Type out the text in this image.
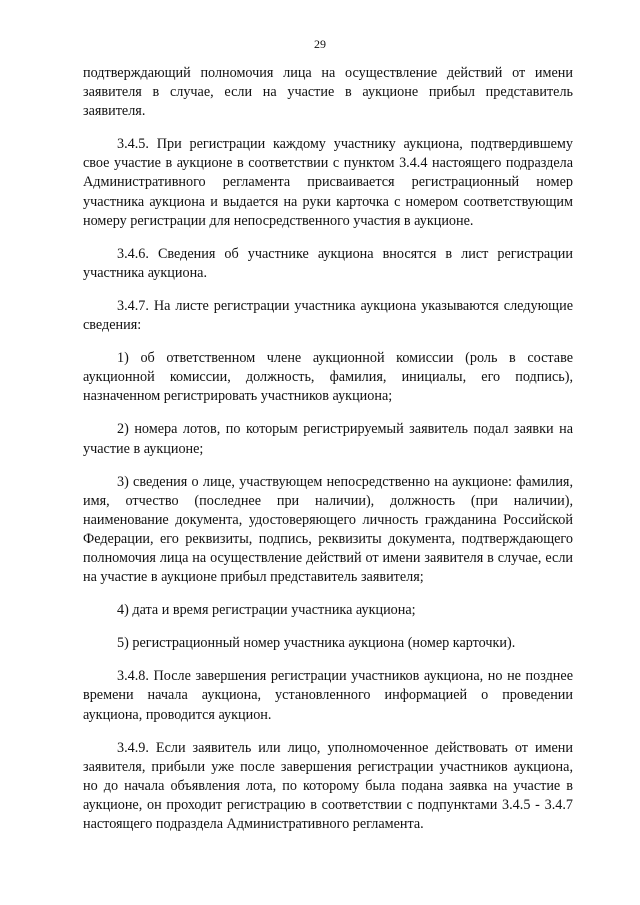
29

подтверждающий полномочия лица на осуществление действий от имени заявителя в случае, если на участие в аукционе прибыл представитель заявителя.

3.4.5. При регистрации каждому участнику аукциона, подтвердившему свое участие в аукционе в соответствии с пунктом 3.4.4 настоящего подраздела Административного регламента присваивается регистрационный номер участника аукциона и выдается на руки карточка с номером соответствующим номеру регистрации для непосредственного участия в аукционе.

3.4.6. Сведения об участнике аукциона вносятся в лист регистрации участника аукциона.

3.4.7. На листе регистрации участника аукциона указываются следующие сведения:

1) об ответственном члене аукционной комиссии (роль в составе аукционной комиссии, должность, фамилия, инициалы, его подпись), назначенном регистрировать участников аукциона;

2) номера лотов, по которым регистрируемый заявитель подал заявки на участие в аукционе;

3) сведения о лице, участвующем непосредственно на аукционе: фамилия, имя, отчество (последнее при наличии), должность (при наличии), наименование документа, удостоверяющего личность гражданина Российской Федерации, его реквизиты, подпись, реквизиты документа, подтверждающего полномочия лица на осуществление действий от имени заявителя в случае, если на участие в аукционе прибыл представитель заявителя;

4) дата и время регистрации участника аукциона;

5) регистрационный номер участника аукциона (номер карточки).

3.4.8. После завершения регистрации участников аукциона, но не позднее времени начала аукциона, установленного информацией о проведении аукциона, проводится аукцион.

3.4.9. Если заявитель или лицо, уполномоченное действовать от имени заявителя, прибыли уже после завершения регистрации участников аукциона, но до начала объявления лота, по которому была подана заявка на участие в аукционе, он проходит регистрацию в соответствии с подпунктами 3.4.5 - 3.4.7 настоящего подраздела Административного регламента.
